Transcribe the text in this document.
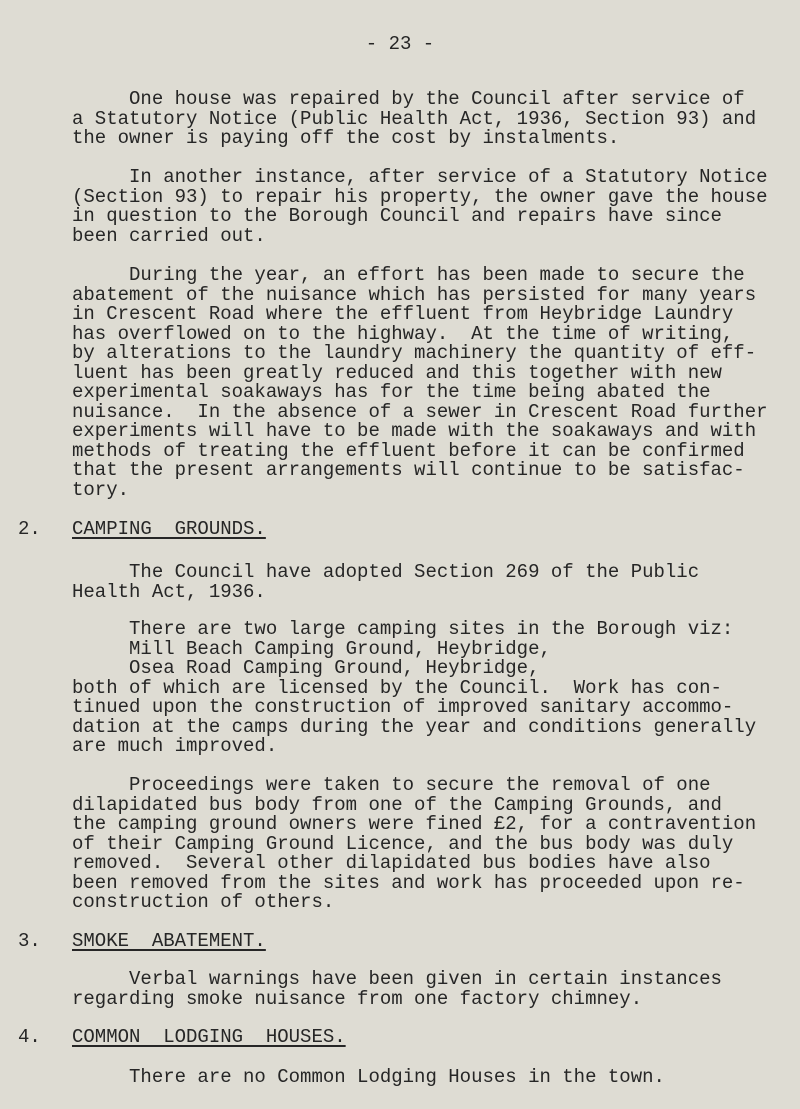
- 23 -
One house was repaired by the Council after service of
a Statutory Notice (Public Health Act, 1936, Section 93) and
the owner is paying off the cost by instalments.
In another instance, after service of a Statutory Notice
(Section 93) to repair his property, the owner gave the house
in question to the Borough Council and repairs have since
been carried out.
During the year, an effort has been made to secure the
abatement of the nuisance which has persisted for many years
in Crescent Road where the effluent from Heybridge Laundry
has overflowed on to the highway.  At the time of writing,
by alterations to the laundry machinery the quantity of eff-
luent has been greatly reduced and this together with new
experimental soakaways has for the time being abated the
nuisance.  In the absence of a sewer in Crescent Road further
experiments will have to be made with the soakaways and with
methods of treating the effluent before it can be confirmed
that the present arrangements will continue to be satisfac-
tory.
2. CAMPING  GROUNDS.
The Council have adopted Section 269 of the Public
Health Act, 1936.
There are two large camping sites in the Borough viz:
Mill Beach Camping Ground, Heybridge,
Osea Road Camping Ground, Heybridge,
both of which are licensed by the Council.  Work has con-
tinued upon the construction of improved sanitary accommo-
dation at the camps during the year and conditions generally
are much improved.
Proceedings were taken to secure the removal of one
dilapidated bus body from one of the Camping Grounds, and
the camping ground owners were fined £2, for a contravention
of their Camping Ground Licence, and the bus body was duly
removed.  Several other dilapidated bus bodies have also
been removed from the sites and work has proceeded upon re-
construction of others.
3. SMOKE  ABATEMENT.
Verbal warnings have been given in certain instances
regarding smoke nuisance from one factory chimney.
4. COMMON  LODGING  HOUSES.
There are no Common Lodging Houses in the town.
